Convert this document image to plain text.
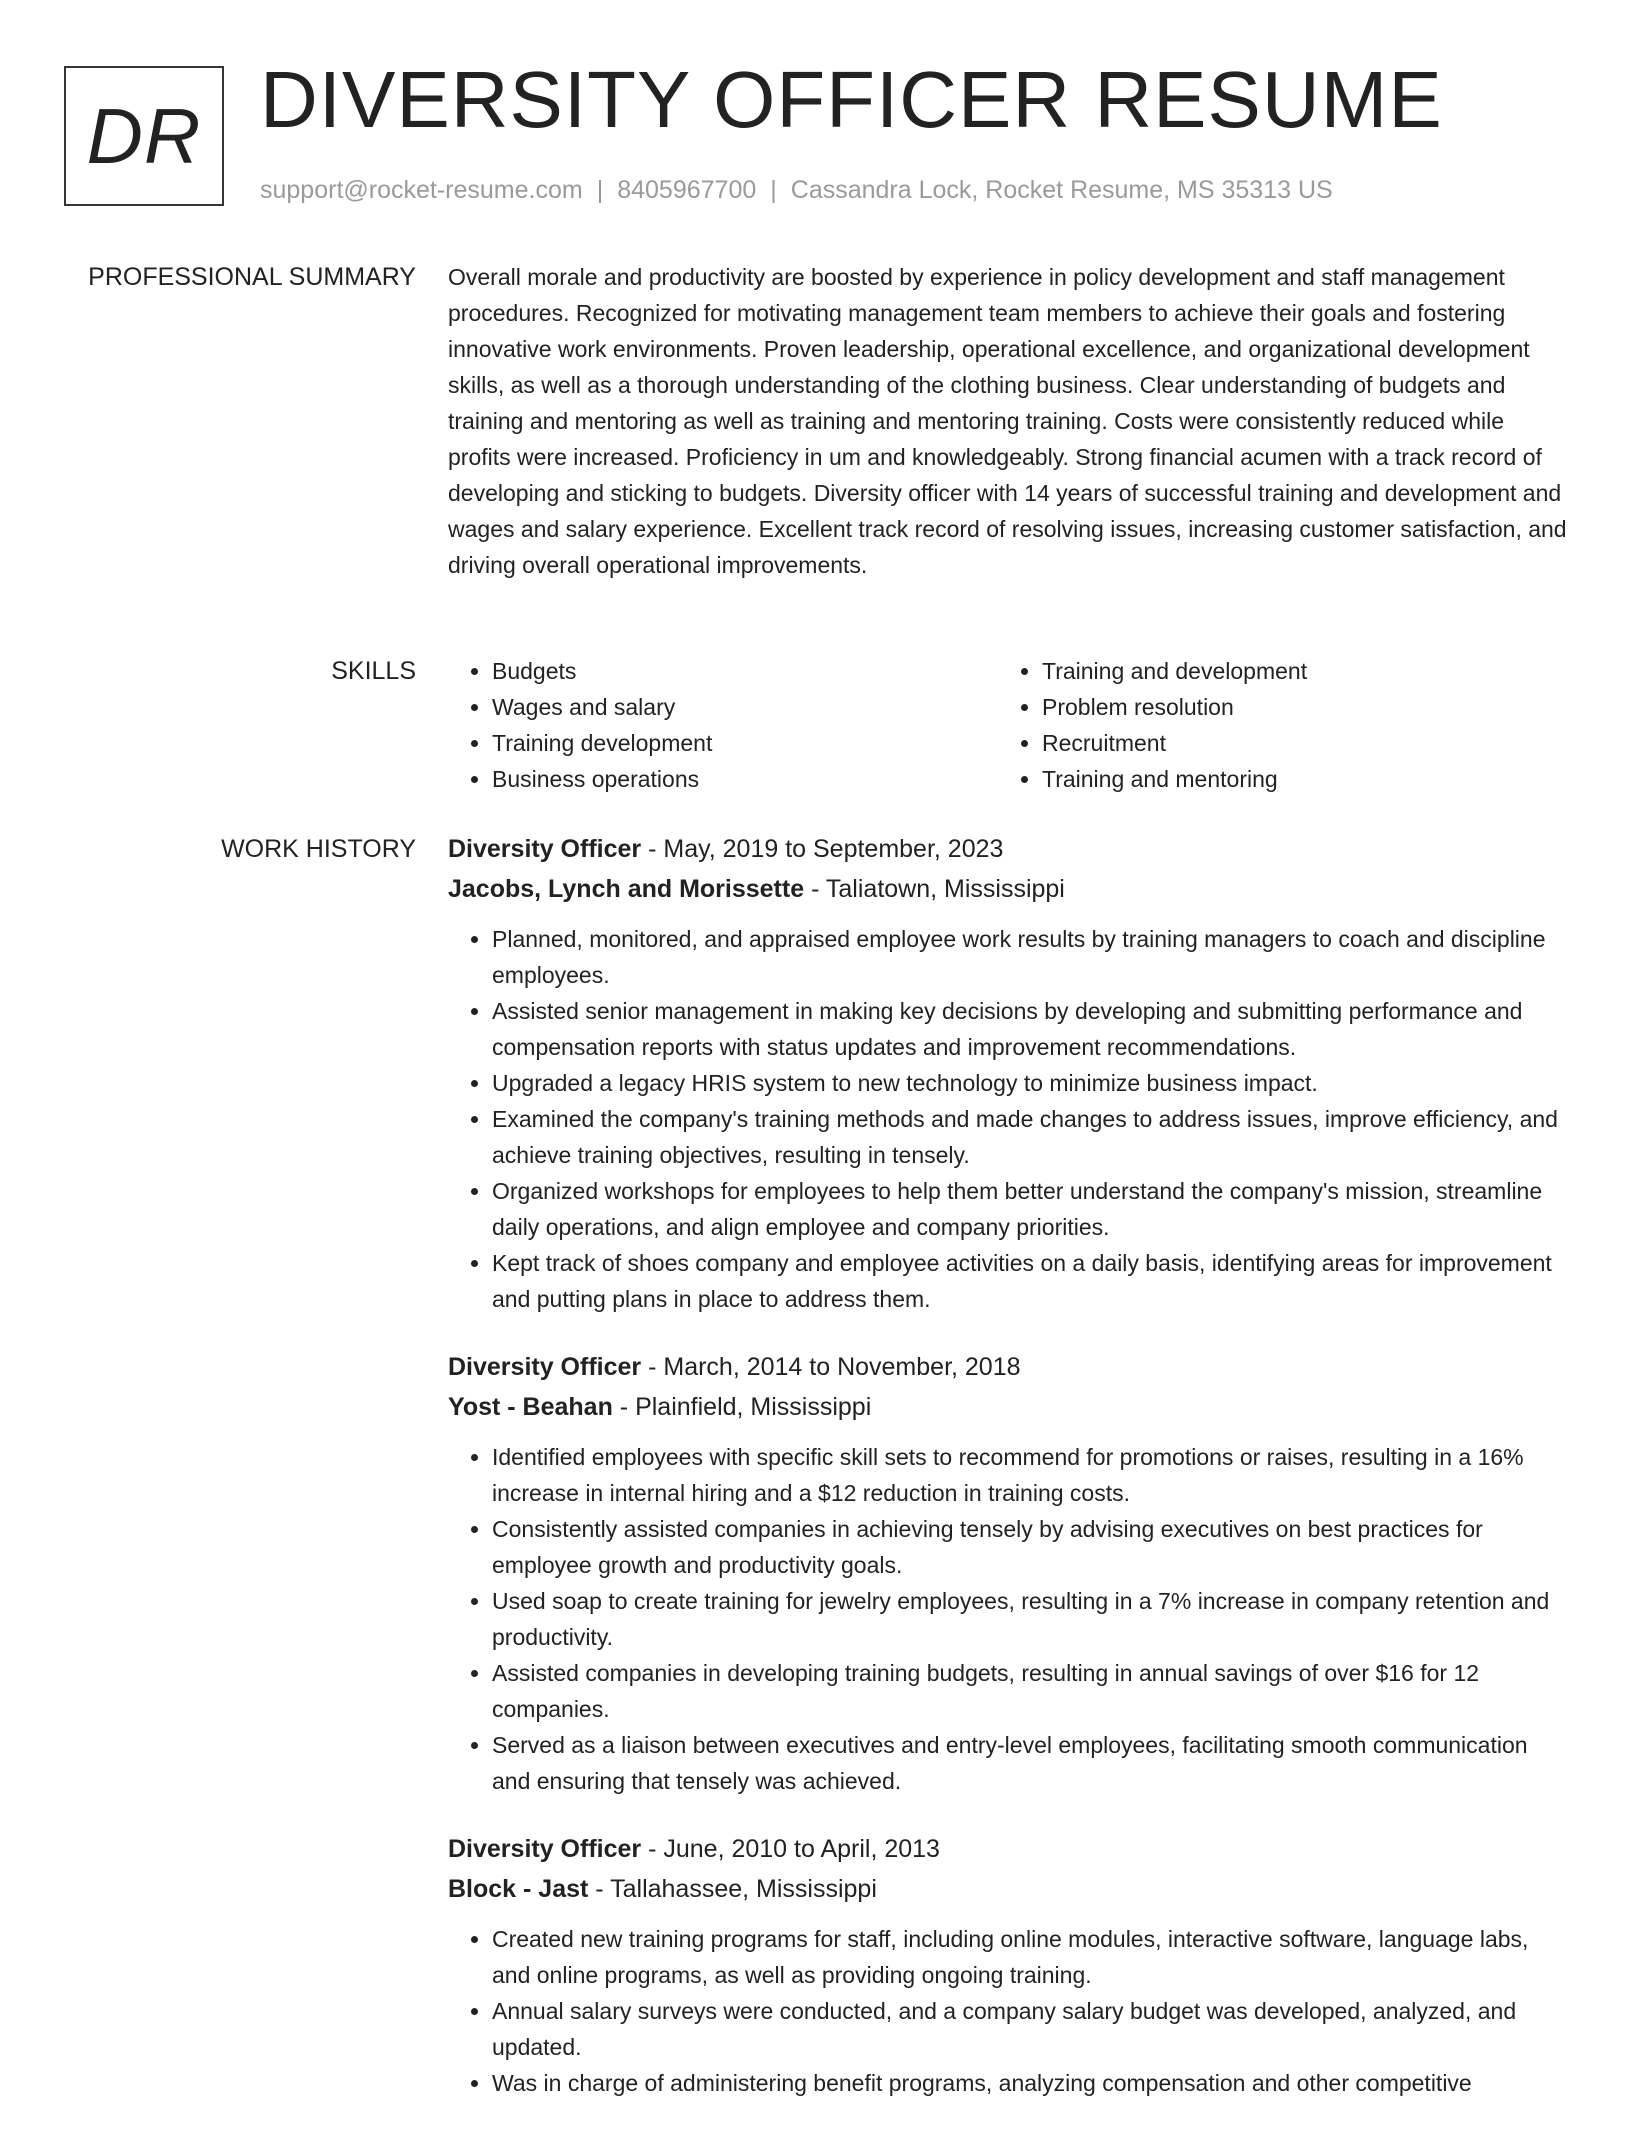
DR DIVERSITY OFFICER RESUME
support@rocket-resume.com | 8405967700 | Cassandra Lock, Rocket Resume, MS 35313 US
PROFESSIONAL SUMMARY Overall morale and productivity are boosted by experience in policy development and staff management procedures. Recognized for motivating management team members to achieve their goals and fostering innovative work environments. Proven leadership, operational excellence, and organizational development skills, as well as a thorough understanding of the clothing business. Clear understanding of budgets and training and mentoring as well as training and mentoring training. Costs were consistently reduced while profits were increased. Proficiency in um and knowledgeably. Strong financial acumen with a track record of developing and sticking to budgets. Diversity officer with 14 years of successful training and development and wages and salary experience. Excellent track record of resolving issues, increasing customer satisfaction, and driving overall operational improvements.

SKILLS
•	Budgets
• Wages and salary
• Training development
• Business operations
• Training and development
• Problem resolution
• Recruitment
• Training and mentoring
WORK HISTORY Diversity Officer - May, 2019 to September, 2023
Jacobs, Lynch and Morissette - Taliatown, Mississippi
• Planned, monitored, and appraised employee work results by training managers to coach and discipline employees.
• Assisted senior management in making key decisions by developing and submitting performance and compensation reports with status updates and improvement recommendations.
• Upgraded a legacy HRIS system to new technology to minimize business impact.
• Examined the company's training methods and made changes to address issues, improve efficiency, and achieve training objectives, resulting in tensely.
• Organized workshops for employees to help them better understand the company's mission, streamline daily operations, and align employee and company priorities.
• Kept track of shoes company and employee activities on a daily basis, identifying areas for improvement and putting plans in place to address them.
Diversity Officer - March, 2014 to November, 2018
Yost - Beahan - Plainfield, Mississippi
• Identified employees with specific skill sets to recommend for promotions or raises, resulting in a 16% increase in internal hiring and a $12 reduction in training costs.
• Consistently assisted companies in achieving tensely by advising executives on best practices for employee growth and productivity goals.
• Used soap to create training for jewelry employees, resulting in a 7% increase in company retention and productivity.
• Assisted companies in developing training budgets, resulting in annual savings of over $16 for 12 companies.
• Served as a liaison between executives and entry-level employees, facilitating smooth communication and ensuring that tensely was achieved.
Diversity Officer - June, 2010 to April, 2013
Block - Jast - Tallahassee, Mississippi
• Created new training programs for staff, including online modules, interactive software, language labs, and online programs, as well as providing ongoing training.
• Annual salary surveys were conducted, and a company salary budget was developed, analyzed, and updated.
• Was in charge of administering benefit programs, analyzing compensation and other competitive
